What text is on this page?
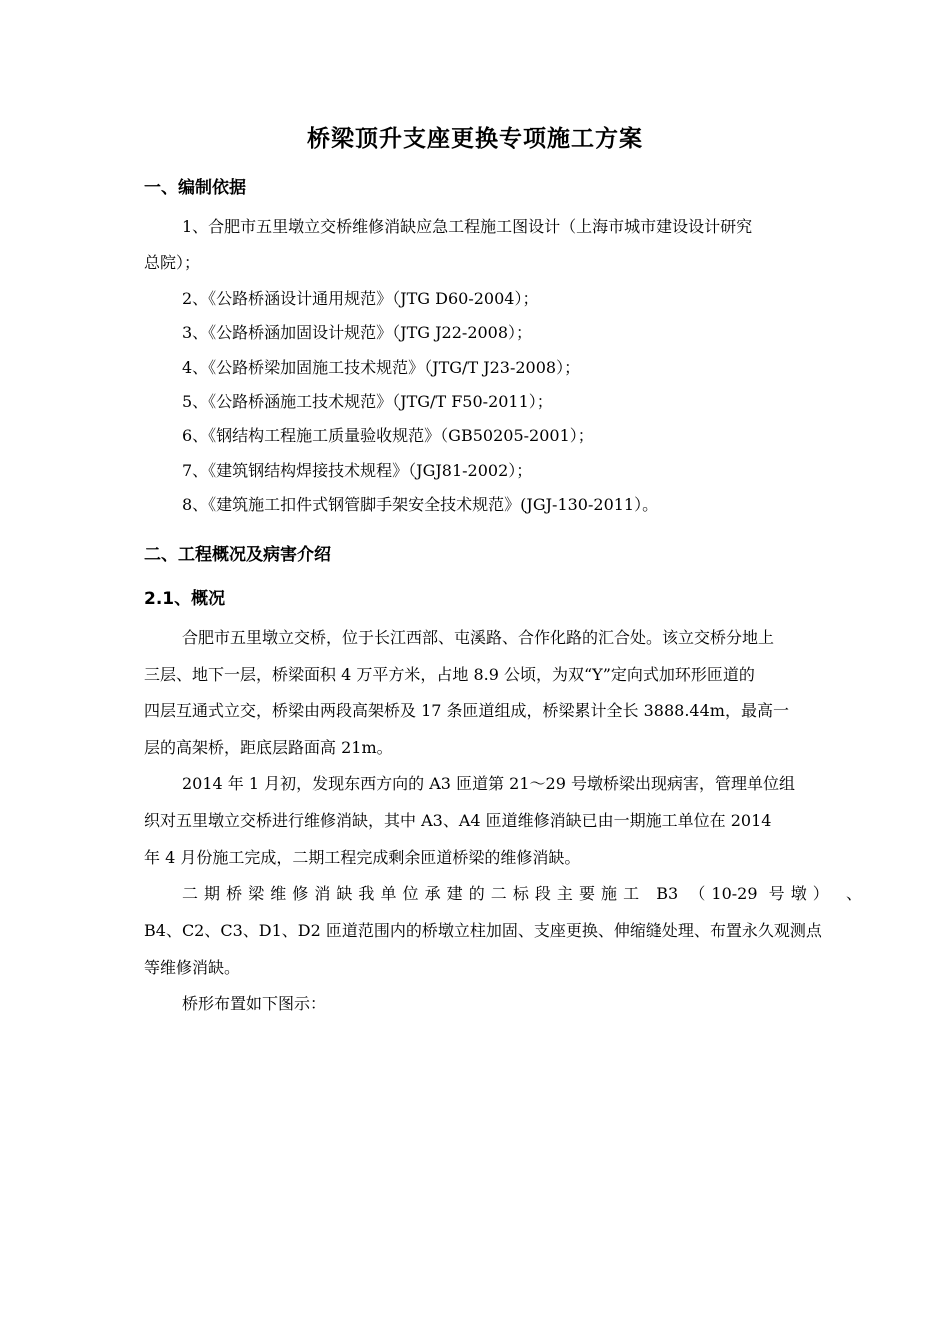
桥梁顶升支座更换专项施工方案
一、编制依据
1、合肥市五里墩立交桥维修消缺应急工程施工图设计（上海市城市建设设计研究
总院）；
2、《公路桥涵设计通用规范》（JTG D60-2004）；
3、《公路桥涵加固设计规范》（JTG J22-2008）；
4、《公路桥梁加固施工技术规范》（JTG/T J23-2008）；
5、《公路桥涵施工技术规范》（JTG/T F50-2011）；
6、《钢结构工程施工质量验收规范》（GB50205-2001）；
7、《建筑钢结构焊接技术规程》（JGJ81-2002）；
8、《建筑施工扣件式钢管脚手架安全技术规范》(JGJ-130-2011）。
二、工程概况及病害介绍
2.1、概况
合肥市五里墩立交桥，位于长江西部、屯溪路、合作化路的汇合处。该立交桥分地上
三层、地下一层，桥梁面积 4 万平方米，占地 8.9 公顷，为双“Y”定向式加环形匝道的
四层互通式立交，桥梁由两段高架桥及 17 条匝道组成，桥梁累计全长 3888.44m，最高一
层的高架桥，距底层路面高 21m。
2014 年 1 月初，发现东西方向的 A3 匝道第 21～29 号墩桥梁出现病害，管理单位组
织对五里墩立交桥进行维修消缺，其中 A3、A4 匝道维修消缺已由一期施工单位在 2014
年 4 月份施工完成，二期工程完成剩余匝道桥梁的维修消缺。
二期桥梁维修消缺我单位承建的二标段主要施工 B3 （10-29 号墩） 、
B4、C2、C3、D1、D2 匝道范围内的桥墩立柱加固、支座更换、伸缩缝处理、布置永久观测点
等维修消缺。
桥形布置如下图示：
